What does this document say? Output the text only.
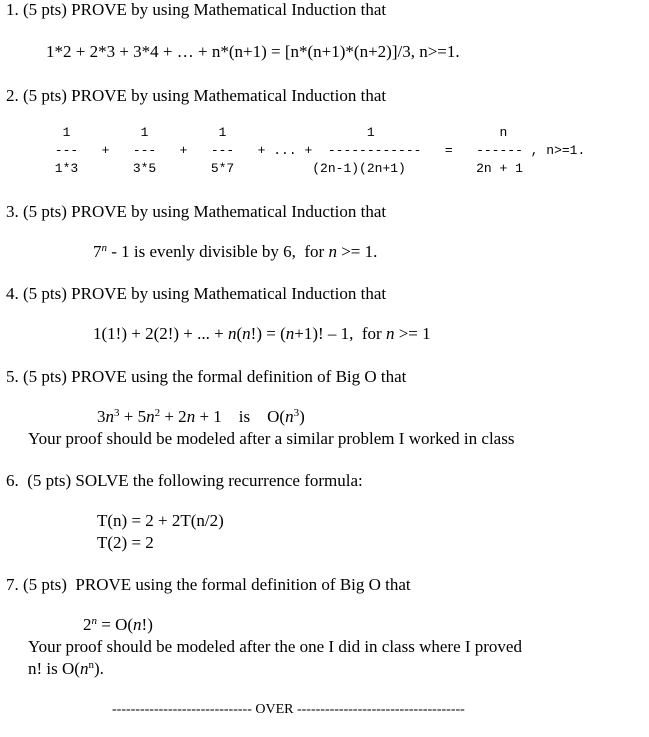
1. (5 pts) PROVE by using Mathematical Induction that
1*2 + 2*3 + 3*4 + … + n*(n+1) = [n*(n+1)*(n+2)]/3, n>=1.
2. (5 pts) PROVE by using Mathematical Induction that
1         1         1                  1                n
---   +   ---   +   ---   + ... +  ------------   =   ------ , n>=1.
1*3       3*5       5*7          (2n-1)(2n+1)         2n + 1
3. (5 pts) PROVE by using Mathematical Induction that
7$^n$ - 1 is evenly divisible by 6,  for n >= 1.
4. (5 pts) PROVE by using Mathematical Induction that
1(1!) + 2(2!) + ... + n(n!) = (n+1)! – 1,  for n >= 1
5. (5 pts) PROVE using the formal definition of Big O that
$3n^3 + 5n^2 + 2n + 1$    is    $O(n^3)$
Your proof should be modeled after a similar problem I worked in class
6.  (5 pts) SOLVE the following recurrence formula:
T(n) = 2 + 2T(n/2)
T(2) = 2
7. (5 pts)  PROVE using the formal definition of Big O that
$2^n = O(n!)$
Your proof should be modeled after the one I did in class where I proved
n! is $O(n^n)$.
------------------------------ OVER ------------------------------------
